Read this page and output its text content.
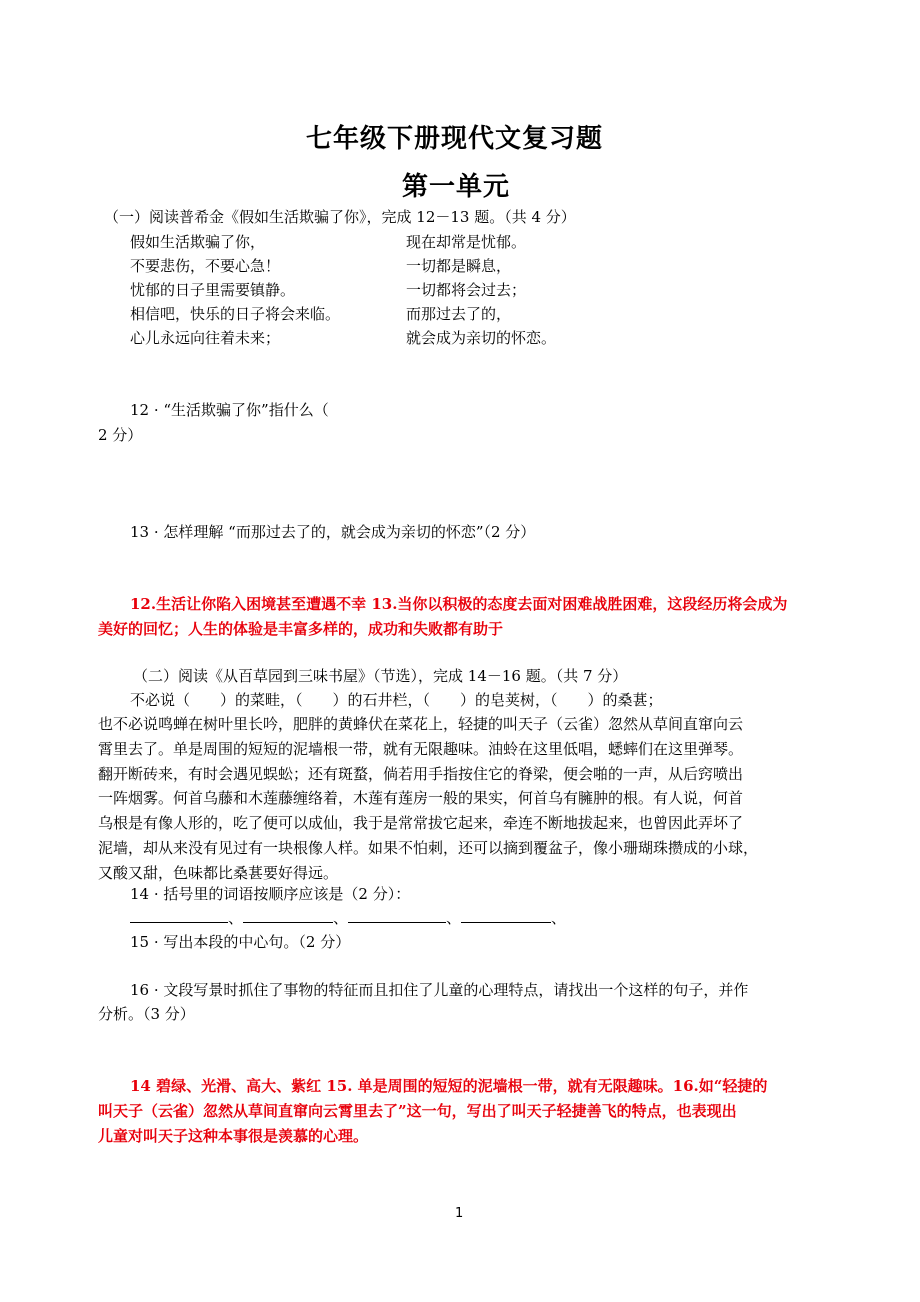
七年级下册现代文复习题
第一单元
（一）阅读普希金《假如生活欺骗了你》，完成 12－13 题。（共 4 分）
假如生活欺骗了你，
不要悲伤，不要心急！
忧郁的日子里需要镇静。
相信吧，快乐的日子将会来临。
心儿永远向往着未来；
现在却常是忧郁。
一切都是瞬息，
一切都将会过去；
而那过去了的，
就会成为亲切的怀恋。
12 · “生活欺骗了你”指什么（
2 分）
13 · 怎样理解 “而那过去了的，就会成为亲切的怀恋”（2 分）
12.生活让你陷入困境甚至遭遇不幸 13.当你以积极的态度去面对困难战胜困难，这段经历将会成为
美好的回忆；人生的体验是丰富多样的，成功和失败都有助于
（二）阅读《从百草园到三味书屋》（节选），完成 14－16 题。（共 7 分）
不必说（　　）的菜畦，（　　）的石井栏，（　　）的皂荚树，（　　）的桑葚；
也不必说鸣蝉在树叶里长吟，肥胖的黄蜂伏在菜花上，轻捷的叫天子（云雀）忽然从草间直窜向云
霄里去了。单是周围的短短的泥墙根一带，就有无限趣味。油蛉在这里低唱，蟋蟀们在这里弹琴。
翻开断砖来，有时会遇见蜈蚣；还有斑蝥，倘若用手指按住它的脊梁，便会啪的一声，从后窍喷出
一阵烟雾。何首乌藤和木莲藤缠络着，木莲有莲房一般的果实，何首乌有臃肿的根。有人说，何首
乌根是有像人形的，吃了便可以成仙，我于是常常拔它起来，牵连不断地拔起来，也曾因此弄坏了
泥墙，却从来没有见过有一块根像人样。如果不怕刺，还可以摘到覆盆子，像小珊瑚珠攒成的小球，
又酸又甜，色味都比桑葚要好得远。
14 · 括号里的词语按顺序应该是（2 分）：
、	、	、	、
15 · 写出本段的中心句。（2 分）
16 · 文段写景时抓住了事物的特征而且扣住了儿童的心理特点，请找出一个这样的句子，并作
分析。（3 分）
14 碧绿、光滑、高大、紫红 15. 单是周围的短短的泥墙根一带，就有无限趣味。16.如“轻捷的
叫天子（云雀）忽然从草间直窜向云霄里去了”这一句，写出了叫天子轻捷善飞的特点，也表现出
儿童对叫天子这种本事很是羡慕的心理。
1
